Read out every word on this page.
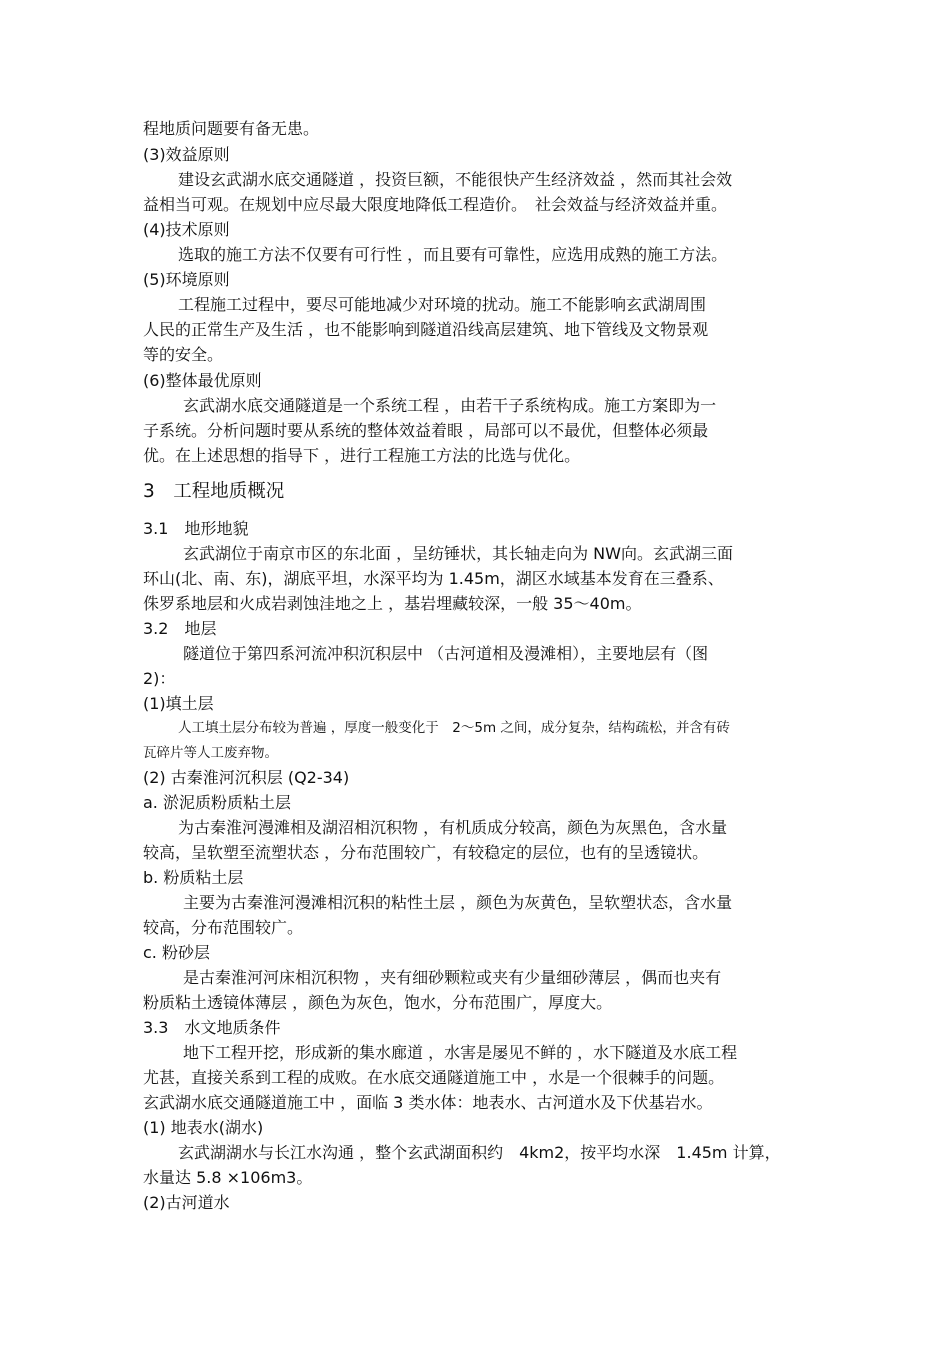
程地质问题要有备无患。
(3)效益原则
建设玄武湖水底交通隧道 ，投资巨额，不能很快产生经济效益 ，然而其社会效
益相当可观。在规划中应尽最大限度地降低工程造价。　社会效益与经济效益并重。
(4)技术原则
选取的施工方法不仅要有可行性 ，而且要有可靠性，应选用成熟的施工方法。
(5)环境原则
工程施工过程中，要尽可能地减少对环境的扰动。施工不能影响玄武湖周围
人民的正常生产及生活 ，也不能影响到隧道沿线高层建筑、地下管线及文物景观
等的安全。
(6)整体最优原则
玄武湖水底交通隧道是一个系统工程 ，由若干子系统构成。施工方案即为一
子系统。分析问题时要从系统的整体效益着眼 ，局部可以不最优，但整体必须最
优。在上述思想的指导下 ，进行工程施工方法的比选与优化。
3　工程地质概况
3.1　地形地貌
玄武湖位于南京市区的东北面 ，呈纺锤状，其长轴走向为 NW向。玄武湖三面
环山(北、南、东)，湖底平坦，水深平均为 1.45m，湖区水域基本发育在三叠系、
侏罗系地层和火成岩剥蚀洼地之上 ，基岩埋藏较深，一般 35～40m。
3.2　地层
隧道位于第四系河流冲积沉积层中 （古河道相及漫滩相），主要地层有（图
2)：
(1)填土层
人工填土层分布较为普遍 ，厚度一般变化于　2～5m 之间，成分复杂，结构疏松，并含有砖
瓦碎片等人工废弃物。
(2) 古秦淮河沉积层 (Q2-34)
a. 淤泥质粉质粘土层
为古秦淮河漫滩相及湖沼相沉积物 ，有机质成分较高，颜色为灰黑色，含水量
较高，呈软塑至流塑状态 ，分布范围较广，有较稳定的层位，也有的呈透镜状。
b. 粉质粘土层
主要为古秦淮河漫滩相沉积的粘性土层 ，颜色为灰黄色，呈软塑状态，含水量
较高，分布范围较广。
c. 粉砂层
是古秦淮河河床相沉积物 ，夹有细砂颗粒或夹有少量细砂薄层 ，偶而也夹有
粉质粘土透镜体薄层 ，颜色为灰色，饱水，分布范围广，厚度大。
3.3　水文地质条件
地下工程开挖，形成新的集水廊道 ，水害是屡见不鲜的 ，水下隧道及水底工程
尤甚，直接关系到工程的成败。在水底交通隧道施工中 ，水是一个很棘手的问题。
玄武湖水底交通隧道施工中 ，面临 3 类水体：地表水、古河道水及下伏基岩水。
(1) 地表水(湖水)
玄武湖湖水与长江水沟通 ，整个玄武湖面积约　4km2，按平均水深　1.45m 计算，
水量达 5.8 ×106m3。
(2)古河道水
